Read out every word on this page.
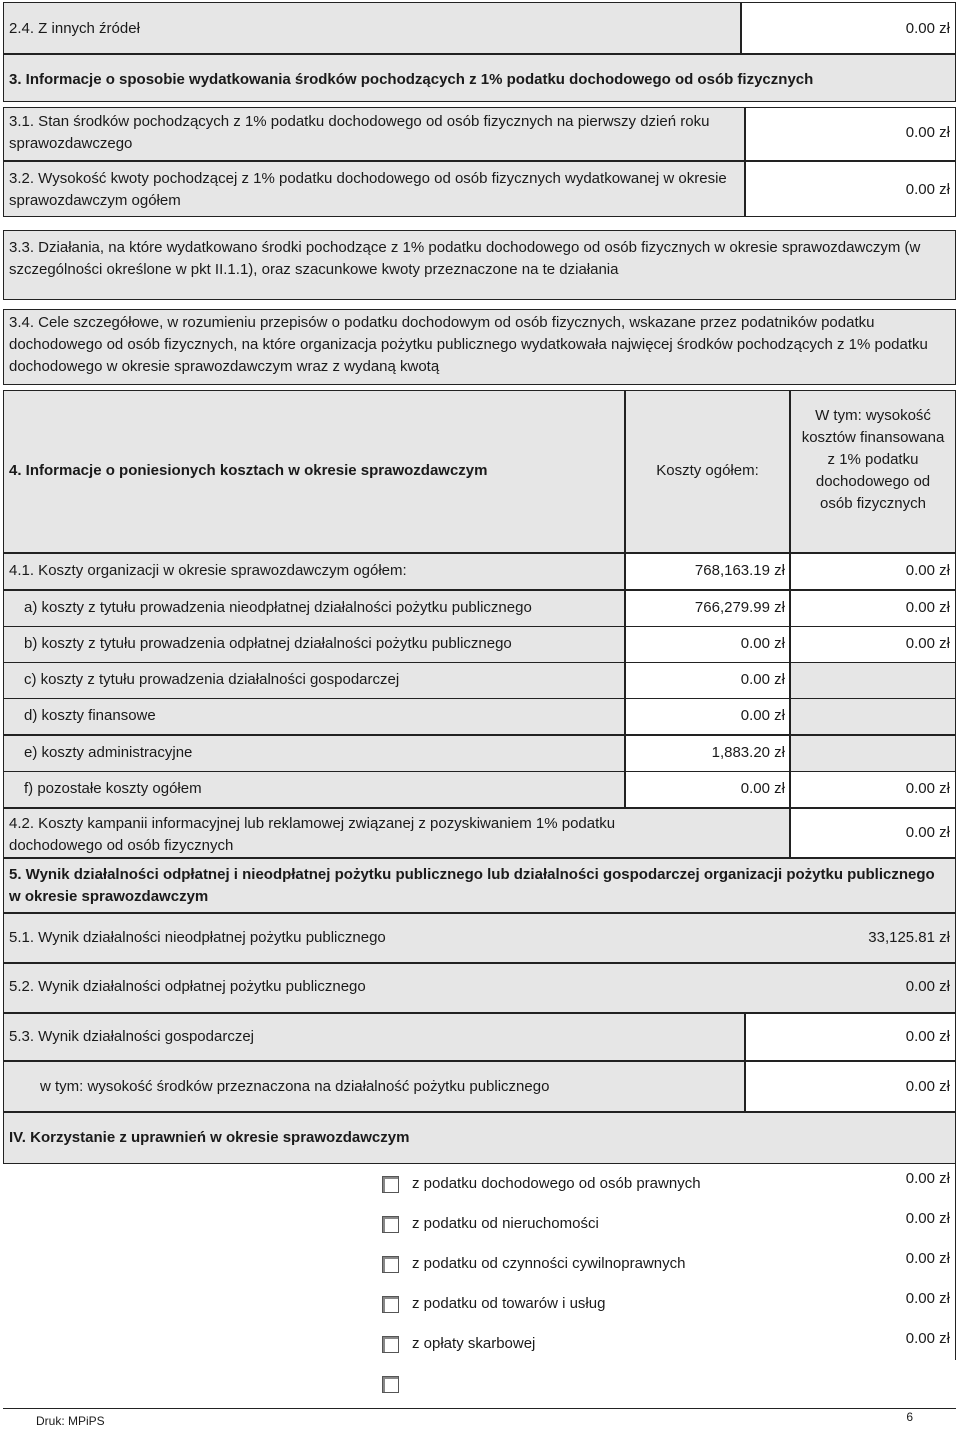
2.4. Z innych źródeł	0.00 zł
3. Informacje o sposobie wydatkowania środków pochodzących z 1% podatku dochodowego od osób fizycznych
3.1. Stan środków pochodzących z 1% podatku dochodowego od osób fizycznych na pierwszy dzień roku sprawozdawczego
0.00 zł
3.2. Wysokość kwoty pochodzącej z 1% podatku dochodowego od osób fizycznych wydatkowanej w okresie sprawozdawczym ogółem
0.00 zł
3.3. Działania, na które wydatkowano środki pochodzące z 1% podatku dochodowego od osób fizycznych w okresie sprawozdawczym (w szczególności określone w pkt II.1.1), oraz szacunkowe kwoty przeznaczone na te działania
3.4. Cele szczegółowe, w rozumieniu przepisów o podatku dochodowym od osób fizycznych, wskazane przez podatników podatku dochodowego od osób fizycznych, na które organizacja pożytku publicznego wydatkowała najwięcej środków pochodzących z 1% podatku dochodowego w okresie sprawozdawczym wraz z wydaną kwotą
4. Informacje o poniesionych kosztach w okresie sprawozdawczym	Koszty ogółem:
W tym: wysokość kosztów finansowana z 1% podatku dochodowego od osób fizycznych
4.1. Koszty organizacji w okresie sprawozdawczym ogółem:	768,163.19 zł	0.00 zł
a) koszty z tytułu prowadzenia nieodpłatnej działalności pożytku publicznego	766,279.99 zł	0.00 zł
b) koszty z tytułu prowadzenia odpłatnej działalności pożytku publicznego	0.00 zł	0.00 zł
c) koszty z tytułu prowadzenia działalności gospodarczej	0.00 zł
d) koszty finansowe	0.00 zł
e) koszty administracyjne	1,883.20 zł
f) pozostałe koszty ogółem	0.00 zł	0.00 zł
4.2. Koszty kampanii informacyjnej lub reklamowej związanej z pozyskiwaniem 1% podatku dochodowego od osób fizycznych
0.00 zł
5. Wynik działalności odpłatnej i nieodpłatnej pożytku publicznego lub działalności gospodarczej organizacji pożytku publicznego w okresie sprawozdawczym
5.1. Wynik działalności nieodpłatnej pożytku publicznego	33,125.81 zł
5.2. Wynik działalności odpłatnej pożytku publicznego	0.00 zł
5.3. Wynik działalności gospodarczej	0.00 zł
w tym: wysokość środków przeznaczona na działalność pożytku publicznego	0.00 zł
IV. Korzystanie z uprawnień w okresie sprawozdawczym
z podatku dochodowego od osób prawnych	0.00 zł
z podatku od nieruchomości	0.00 zł
z podatku od czynności cywilnoprawnych	0.00 zł
z podatku od towarów i usług	0.00 zł
z opłaty skarbowej	0.00 zł
Druk: MPiPS	6
